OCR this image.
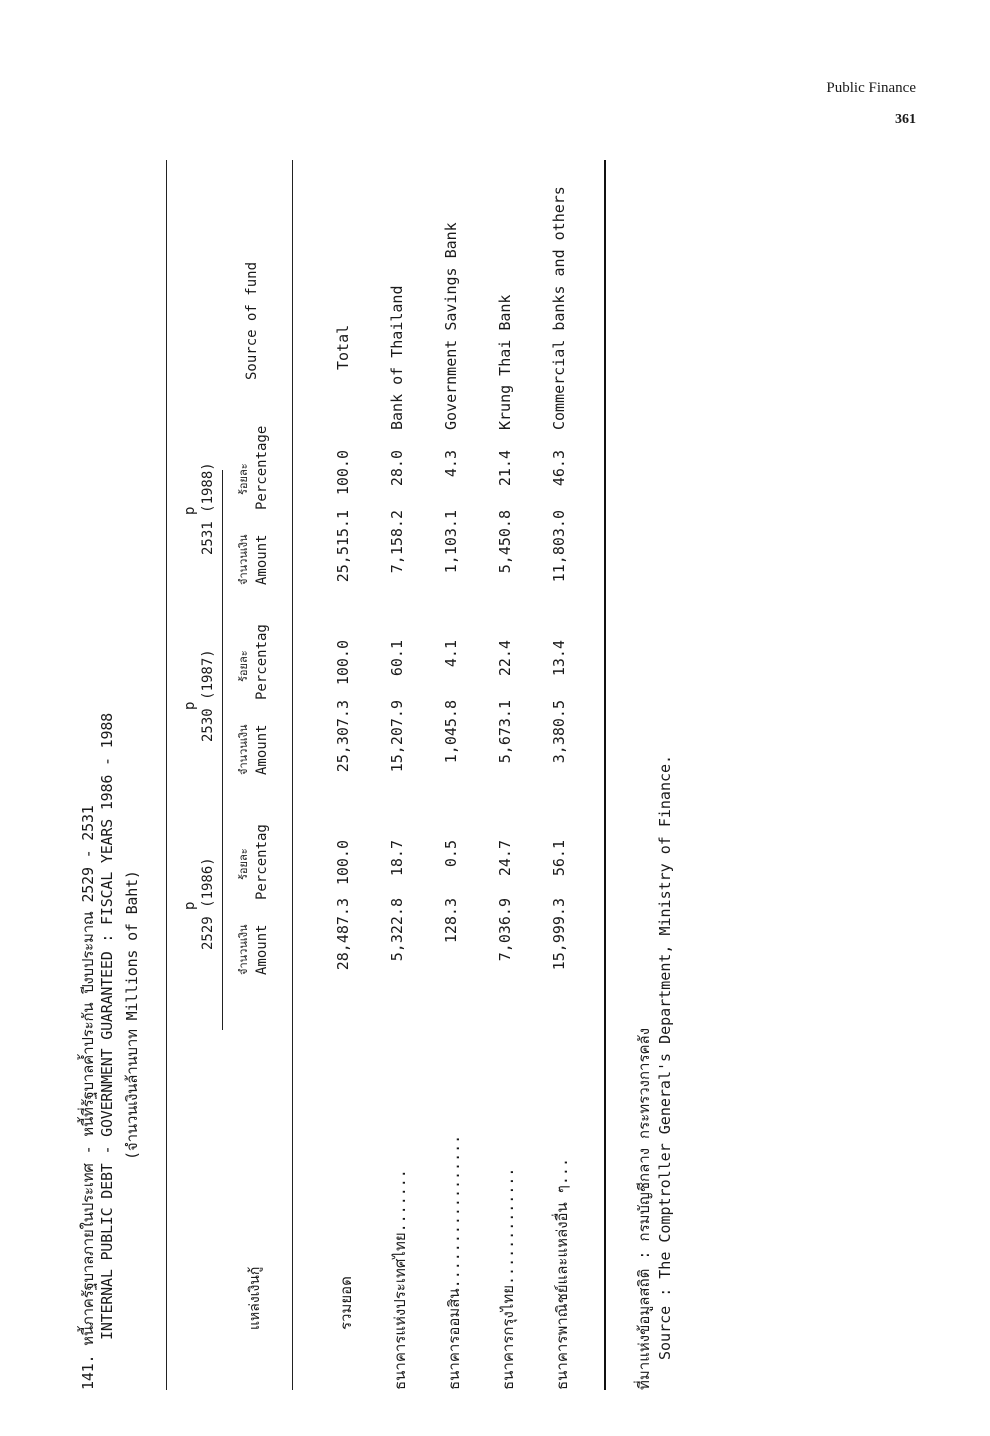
Public Finance
361
141. หนี้ภาครัฐบาลภายในประเทศ - หนี้ที่รัฐบาลค้ำประกัน ปีงบประมาณ 2529 - 2531 INTERNAL PUBLIC DEBT - GOVERNMENT GUARANTEED : FISCAL YEARS 1986 - 1988 (จำนวนเงินล้านบาท Millions of Baht)
แหล่งเงินกู้
Source of fund
p 2529 (1986)
p 2530 (1987)
p 2531 (1988)
จำนวนเงิน Amount
ร้อยละ Percentag
จำนวนเงิน Amount
ร้อยละ Percentag
จำนวนเงิน Amount
ร้อยละ Percentage
รวมยอด
28,487.3
100.0
25,307.3
100.0
25,515.1
100.0
Total
ธนาคารแห่งประเทศไทย.......
5,322.8
18.7
15,207.9
60.1
7,158.2
28.0
Bank of Thailand
ธนาคารออมสิน.................
128.3
0.5
1,045.8
4.1
1,103.1
4.3
Government Savings Bank
ธนาคารกรุงไทย.............
7,036.9
24.7
5,673.1
22.4
5,450.8
21.4
Krung Thai Bank
ธนาคารพาณิชย์และแหล่งอื่น ๆ...
15,999.3
56.1
3,380.5
13.4
11,803.0
46.3
Commercial banks and others
ที่มาแห่งข้อมูลสถิติ : กรมบัญชีกลาง กระทรวงการคลัง Source : The Comptroller General's Department, Ministry of Finance.
